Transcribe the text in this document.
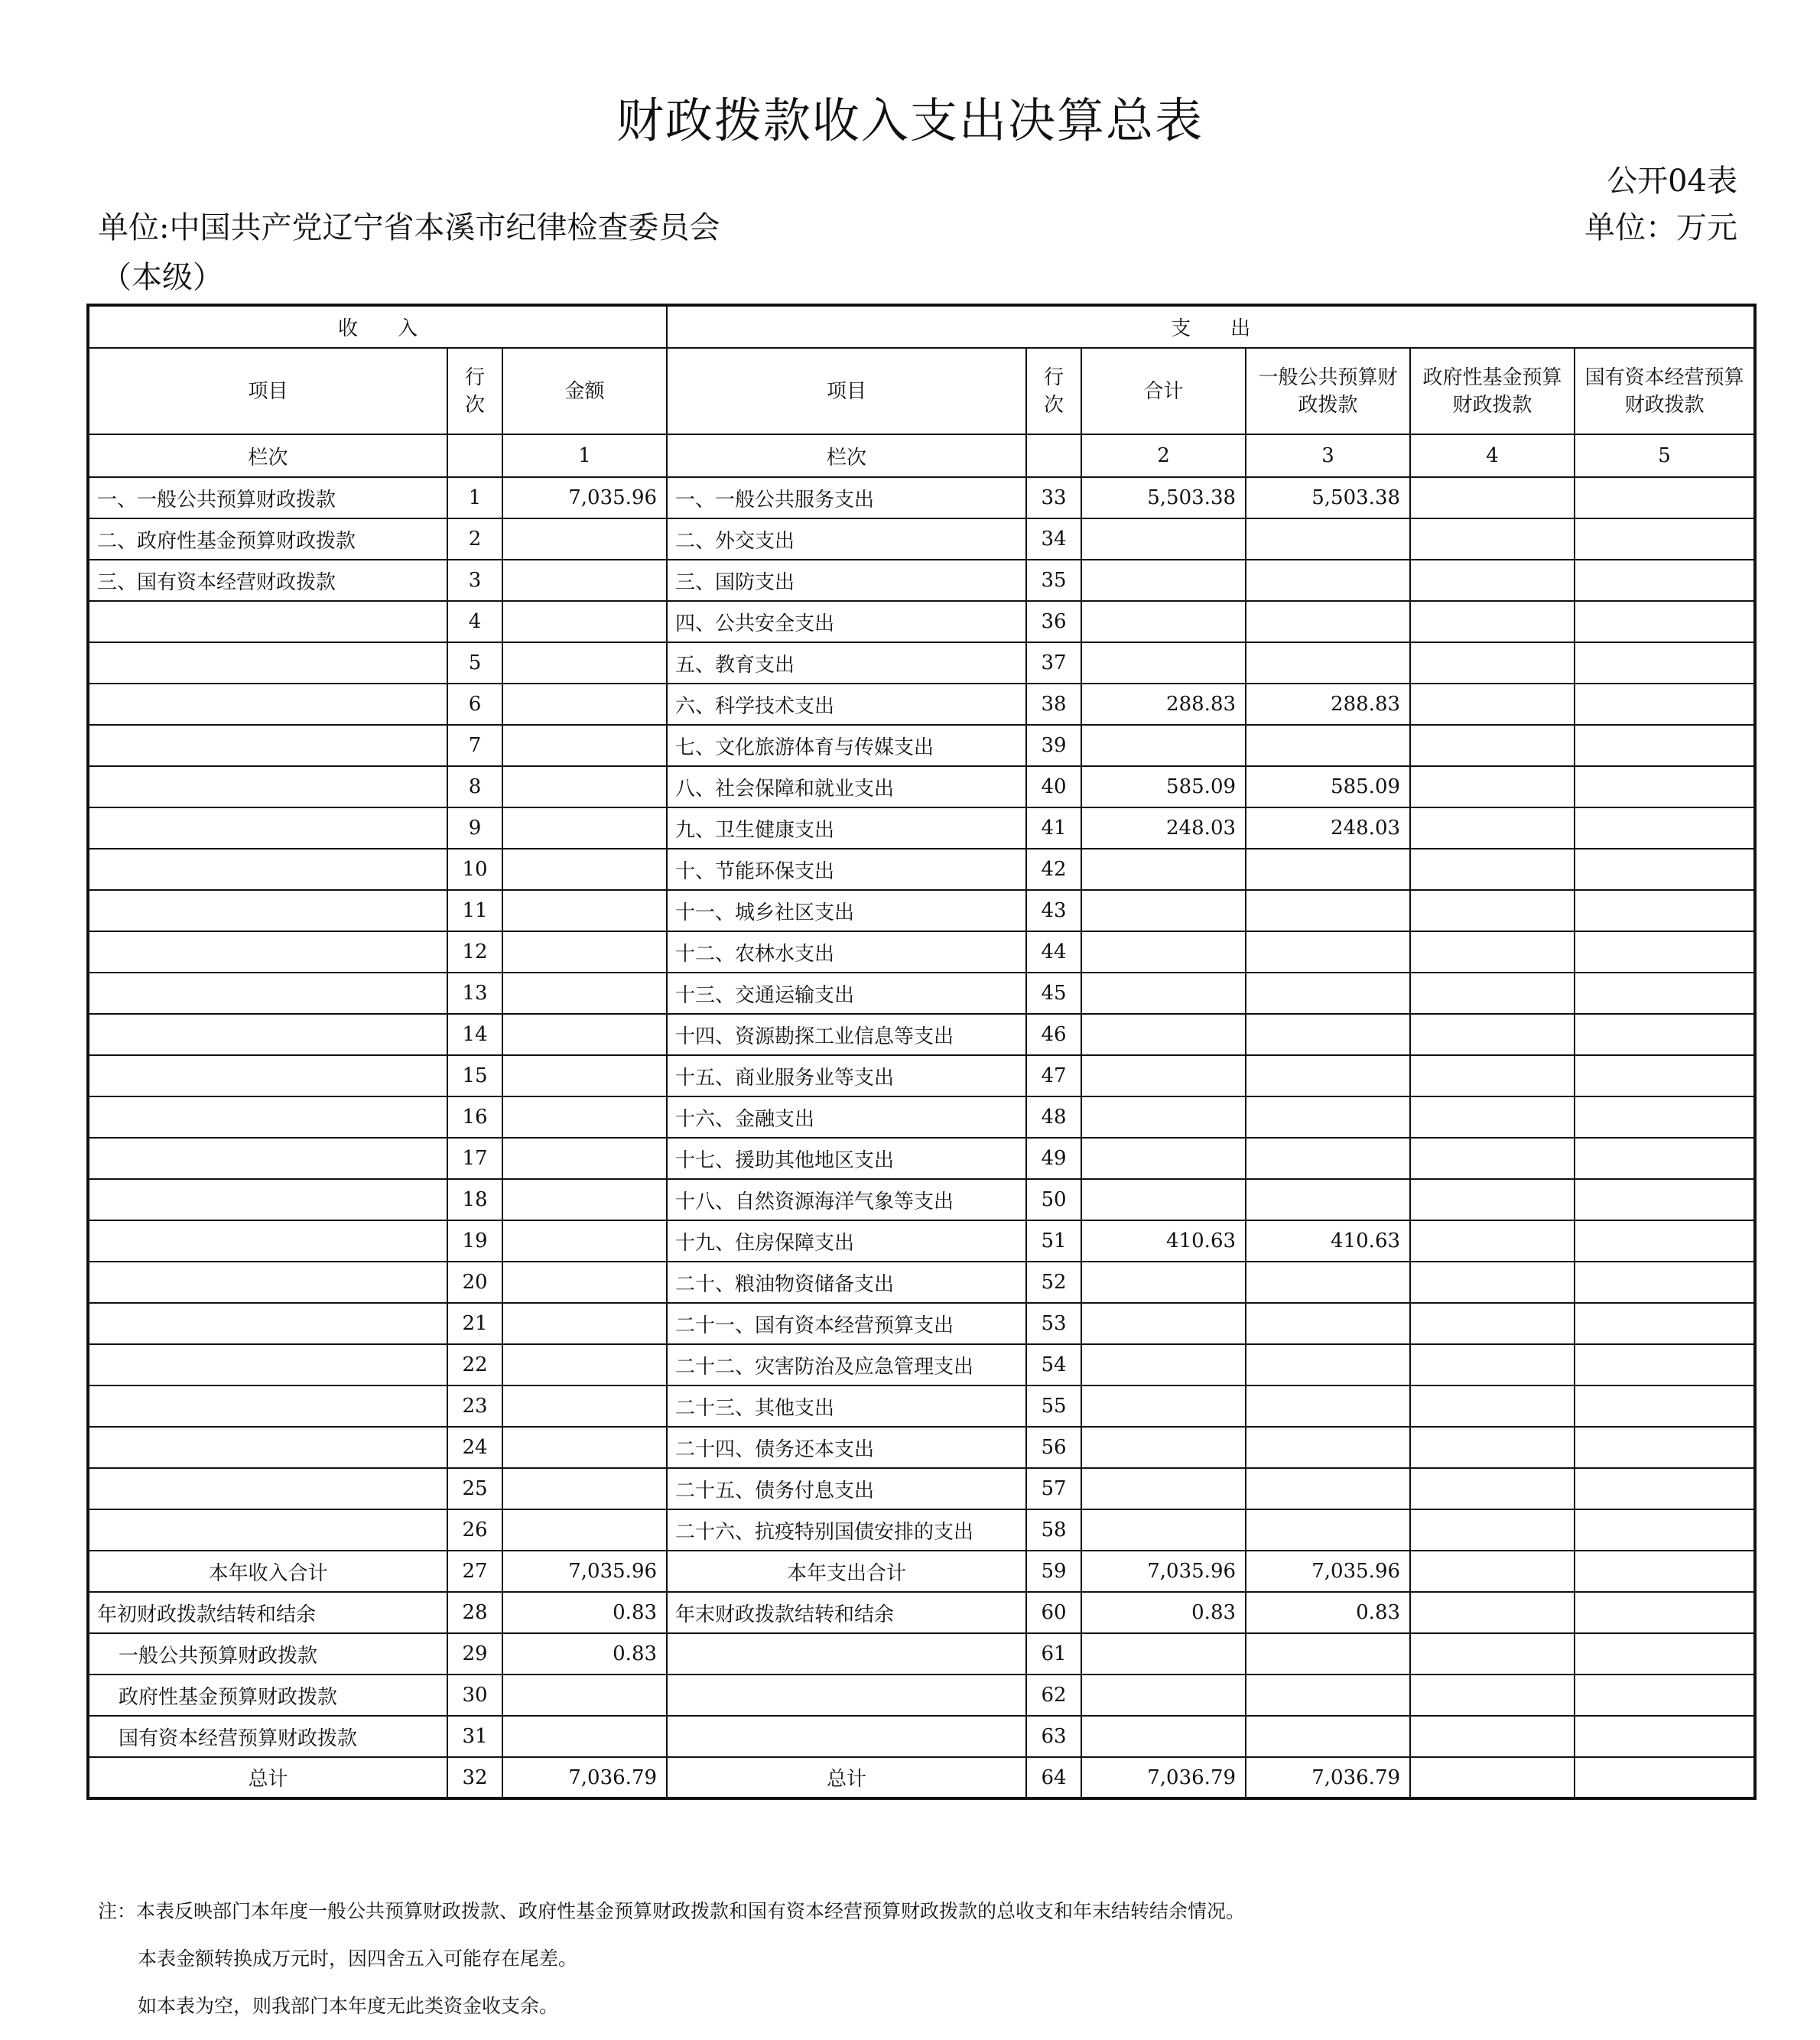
财政拨款收入支出决算总表
公开04表
单位:中国共产党辽宁省本溪市纪律检查委员会	单位：万元
（本级）
收　　入			支　　出					
项目	行次	金额	项目	行次	合计	一般公共预算财政拨款	政府性基金预算财政拨款	国有资本经营预算财政拨款
栏次		1	栏次		2	3	4	5
一、一般公共预算财政拨款	1	7,035.96	一、一般公共服务支出	33	5,503.38	5,503.38		
二、政府性基金预算财政拨款	2		二、外交支出	34				
三、国有资本经营财政拨款	3		三、国防支出	35				
	4		四、公共安全支出	36				
	5		五、教育支出	37				
	6		六、科学技术支出	38	288.83	288.83		
	7		七、文化旅游体育与传媒支出	39				
	8		八、社会保障和就业支出	40	585.09	585.09		
	9		九、卫生健康支出	41	248.03	248.03		
	10		十、节能环保支出	42				
	11		十一、城乡社区支出	43				
	12		十二、农林水支出	44				
	13		十三、交通运输支出	45				
	14		十四、资源勘探工业信息等支出	46				
	15		十五、商业服务业等支出	47				
	16		十六、金融支出	48				
	17		十七、援助其他地区支出	49				
	18		十八、自然资源海洋气象等支出	50				
	19		十九、住房保障支出	51	410.63	410.63		
	20		二十、粮油物资储备支出	52				
	21		二十一、国有资本经营预算支出	53				
	22		二十二、灾害防治及应急管理支出	54				
	23		二十三、其他支出	55				
	24		二十四、债务还本支出	56				
	25		二十五、债务付息支出	57				
	26		二十六、抗疫特别国债安排的支出	58				
本年收入合计	27	7,035.96	本年支出合计	59	7,035.96	7,035.96		
年初财政拨款结转和结余	28	0.83	年末财政拨款结转和结余	60	0.83	0.83		
一般公共预算财政拨款	29	0.83		61				
政府性基金预算财政拨款	30			62				
国有资本经营预算财政拨款	31			63				
总计	32	7,036.79	总计	64	7,036.79	7,036.79		
注：本表反映部门本年度一般公共预算财政拨款、政府性基金预算财政拨款和国有资本经营预算财政拨款的总收支和年末结转结余情况。
本表金额转换成万元时，因四舍五入可能存在尾差。
如本表为空，则我部门本年度无此类资金收支余。
